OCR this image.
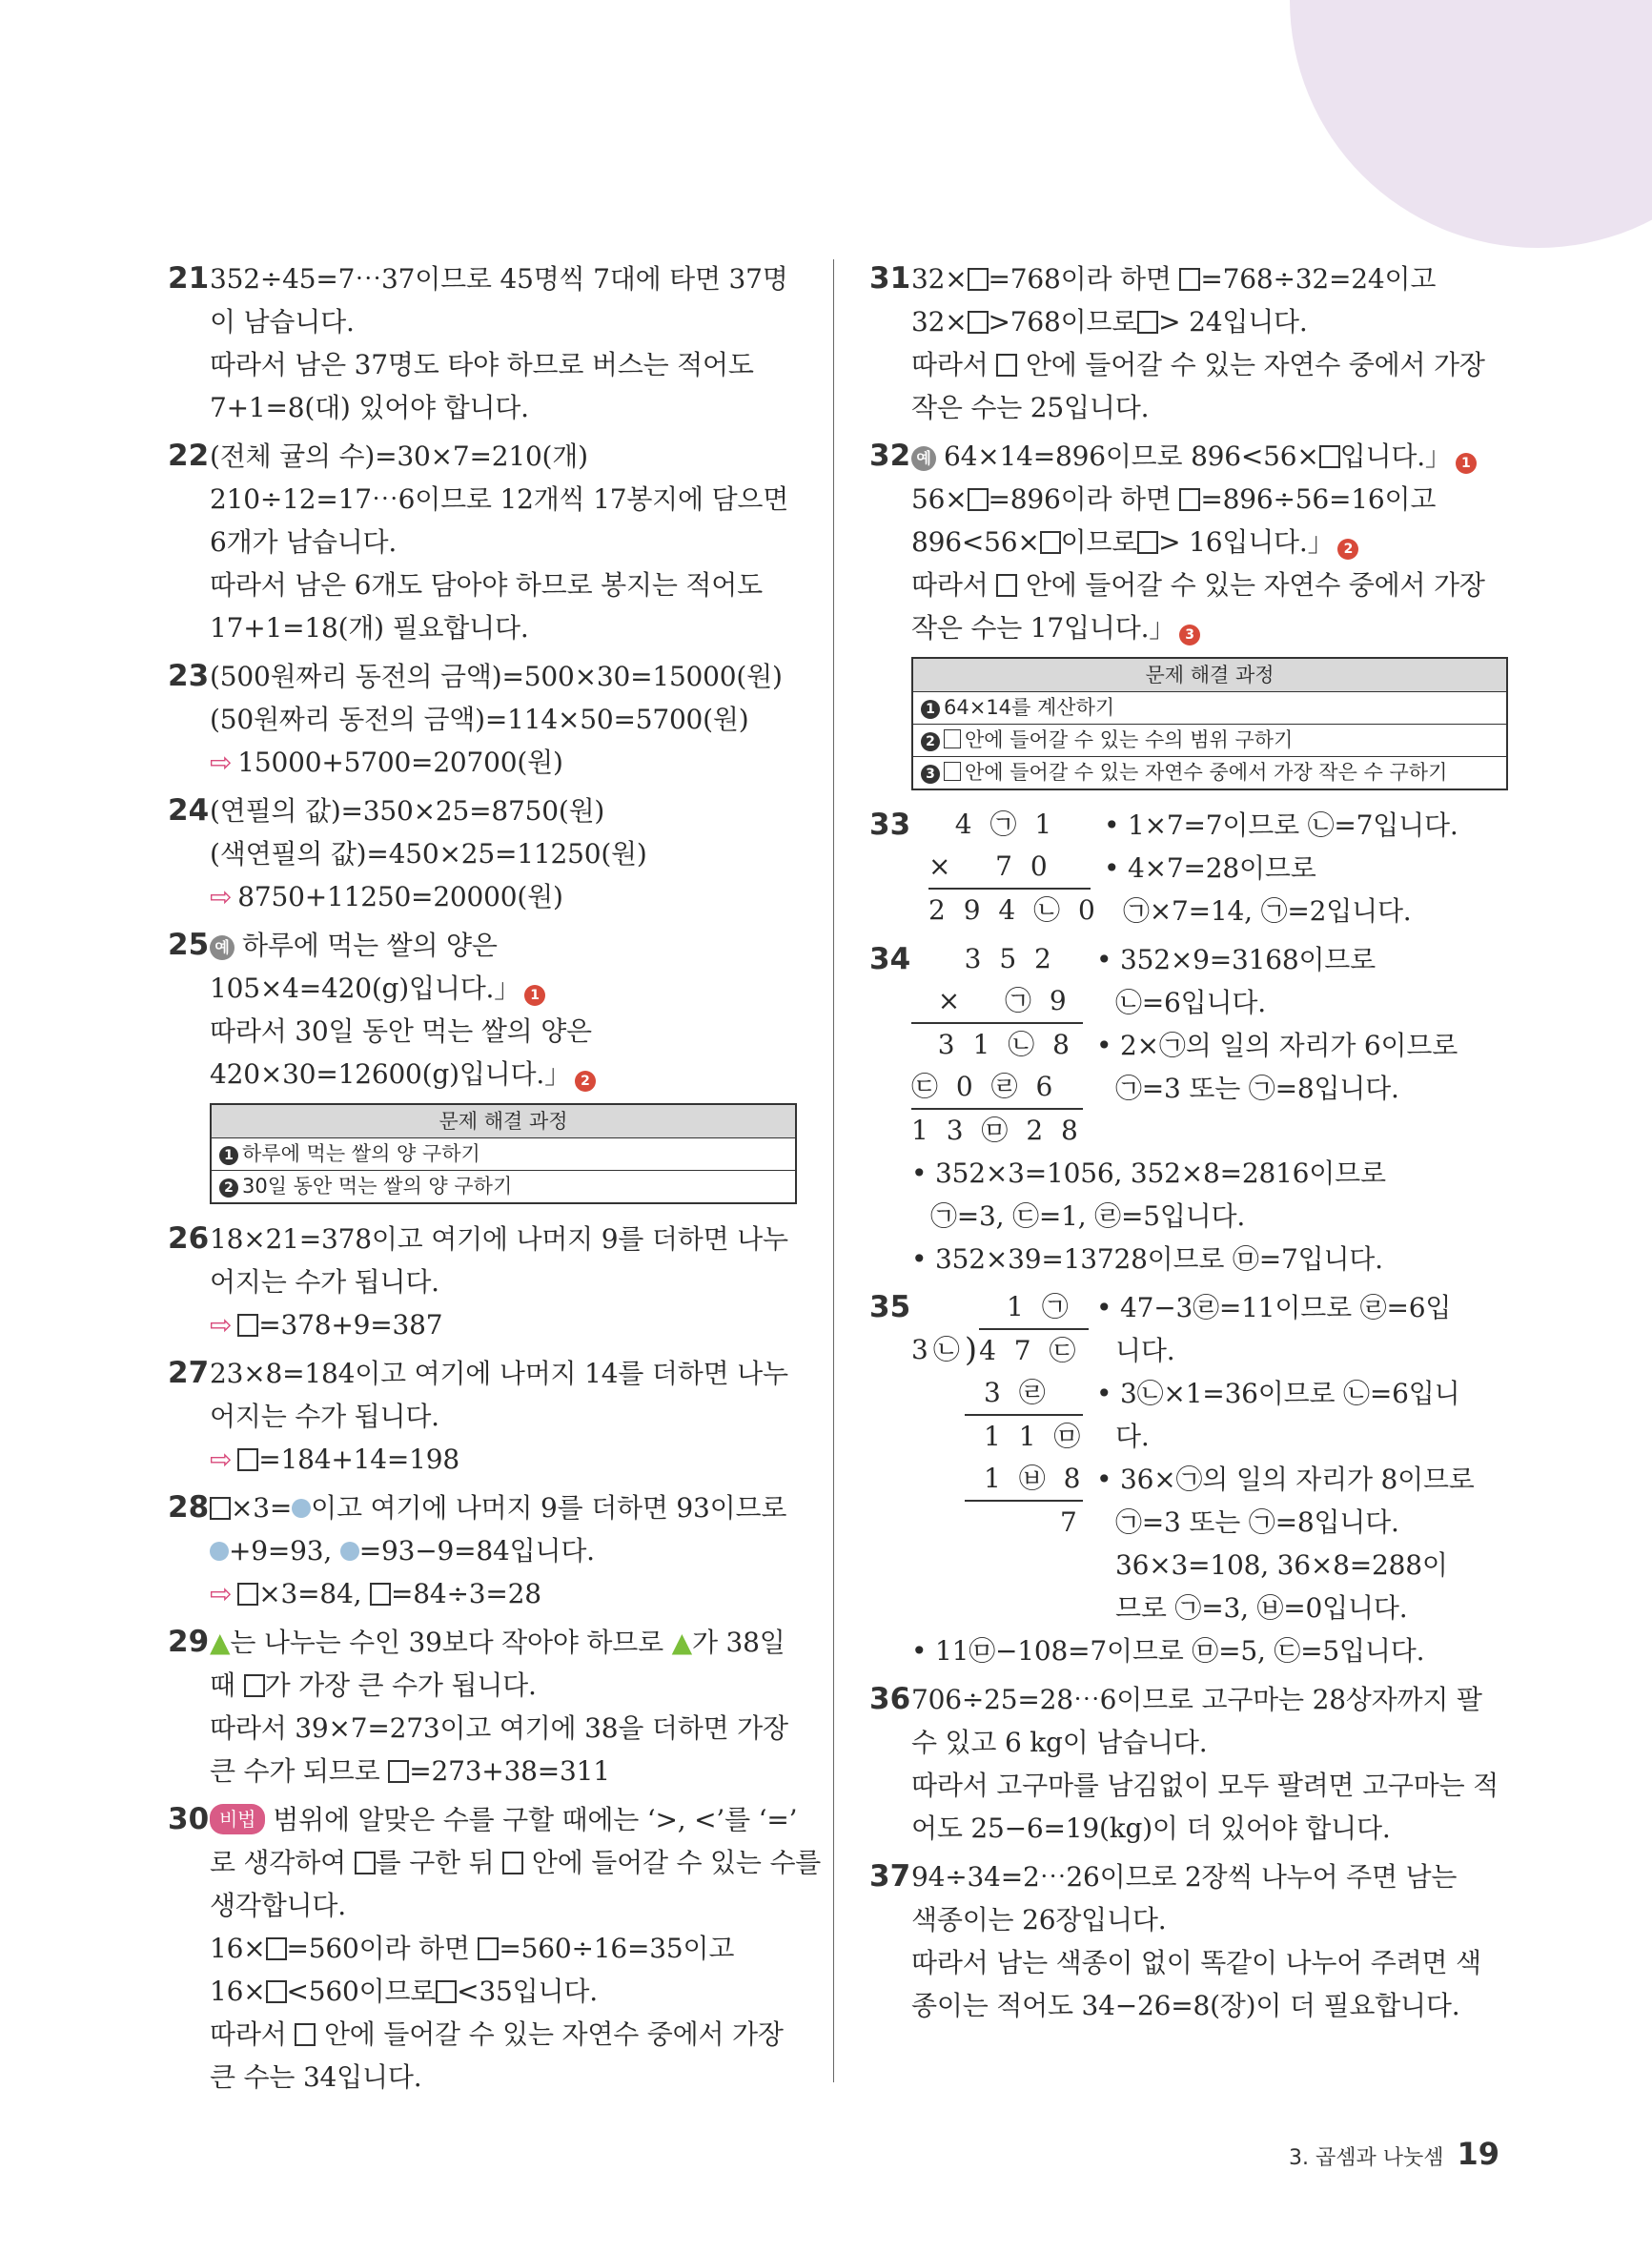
21 352÷45=7⋯37이므로 45명씩 7대에 타면 37명
이 남습니다.
따라서 남은 37명도 타야 하므로 버스는 적어도
7+1=8(대) 있어야 합니다.
22 (전체 귤의 수)=30×7=210(개)
210÷12=17⋯6이므로 12개씩 17봉지에 담으면
6개가 남습니다.
따라서 남은 6개도 담아야 하므로 봉지는 적어도
17+1=18(개) 필요합니다.
23 (500원짜리 동전의 금액)=500×30=15000(원)
(50원짜리 동전의 금액)=114×50=5700(원)
⇨ 15000+5700=20700(원)
24 (연필의 값)=350×25=8750(원)
(색연필의 값)=450×25=11250(원)
⇨ 8750+11250=20000(원)
25 예 하루에 먹는 쌀의 양은
105×4=420(g)입니다.」 1
따라서 30일 동안 먹는 쌀의 양은
420×30=12600(g)입니다.」 2
문제 해결 과정
1 하루에 먹는 쌀의 양 구하기
2 30일 동안 먹는 쌀의 양 구하기
26 18×21=378이고 여기에 나머지 9를 더하면 나누
어지는 수가 됩니다.
⇨ =378+9=387
27 23×8=184이고 여기에 나머지 14를 더하면 나누
어지는 수가 됩니다.
⇨ =184+14=198
28 ×3= 이고 여기에 나머지 9를 더하면 93이므로
+9=93, =93−9=84입니다.
⇨ ×3=84, =84÷3=28
29 ▲는 나누는 수인 39보다 작아야 하므로 ▲가 38일
때 가 가장 큰 수가 됩니다.
따라서 39×7=273이고 여기에 38을 더하면 가장
큰 수가 되므로 =273+38=311
30 비법 범위에 알맞은 수를 구할 때에는 ‘>, <’를 ‘=’
로 생각하여 를 구한 뒤 안에 들어갈 수 있는 수를
생각합니다.
16× =560이라 하면 =560÷16=35이고
16× <560이므로 <35입니다.
따라서 안에 들어갈 수 있는 자연수 중에서 가장
큰 수는 34입니다.
31 32× =768이라 하면 =768÷32=24이고
32× >768이므로 > 24입니다.
따라서 안에 들어갈 수 있는 자연수 중에서 가장
작은 수는 25입니다.
32 예 64×14=896이므로 896<56× 입니다.」 1
56× =896이라 하면 =896÷56=16이고
896<56× 이므로 > 16입니다.」 2
따라서 안에 들어갈 수 있는 자연수 중에서 가장
작은 수는 17입니다.」 3
문제 해결 과정
1 64×14를 계산하기
2 안에 들어갈 수 있는 수의 범위 구하기
3 안에 들어갈 수 있는 자연수 중에서 가장 작은 수 구하기
33 4 ㉠ 1
×   7 0
2 9 4 ㉡ 0
• 1×7=7이므로 ㉡=7입니다.
• 4×7=28이므로
㉠×7=14, ㉠=2입니다.
34 3 5 2
×   ㉠ 9
3 1 ㉡ 8
㉢ 0 ㉣ 6
1 3 ㉤ 2 8
• 352×9=3168이므로
㉡=6입니다.
• 2×㉠의 일의 자리가 6이므로
㉠=3 또는 ㉠=8입니다.
• 352×3=1056, 352×8=2816이므로
㉠=3, ㉢=1, ㉣=5입니다.
• 352×39=13728이므로 ㉤=7입니다.
35	1 ㉠
3㉡ ) 4 7 ㉢
3 ㉣
1 1 ㉤
1 ㉥ 8
7
• 47−3㉣=11이므로 ㉣=6입
니다.
• 3㉡×1=36이므로 ㉡=6입니
다.
• 36×㉠의 일의 자리가 8이므로
㉠=3 또는 ㉠=8입니다.
36×3=108, 36×8=288이
므로 ㉠=3, ㉥=0입니다.
• 11㉤−108=7이므로 ㉤=5, ㉢=5입니다.
36 706÷25=28⋯6이므로 고구마는 28상자까지 팔
수 있고 6 kg이 남습니다.
따라서 고구마를 남김없이 모두 팔려면 고구마는 적
어도 25−6=19(kg)이 더 있어야 합니다.
37 94÷34=2⋯26이므로 2장씩 나누어 주면 남는
색종이는 26장입니다.
따라서 남는 색종이 없이 똑같이 나누어 주려면 색
종이는 적어도 34−26=8(장)이 더 필요합니다.
3. 곱셈과 나눗셈 19
